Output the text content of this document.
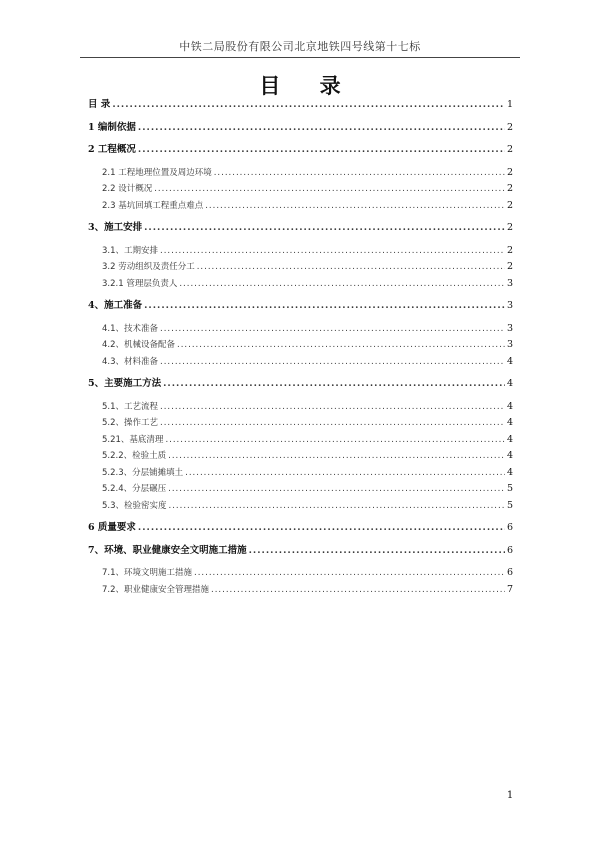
中铁二局股份有限公司北京地铁四号线第十七标
目 录
目 录 .....	1
1 编制依据 .....	2
2 工程概况 .....	2
2.1 工程地理位置及周边环境 .....	2
2.2 设计概况 .....	2
2.3 基坑回填工程重点难点 .....	2
3、施工安排 .....	2
3.1、工期安排 .....	2
3.2 劳动组织及责任分工 .....	2
3.2.1 管理层负责人 .....	3
4、施工准备 .....	3
4.1、技术准备 .....	3
4.2、机械设备配备 .....	3
4.3、材料准备 .....	4
5、主要施工方法 .....	4
5.1、工艺流程 .....	4
5.2、操作工艺 .....	4
5.21、基底清理 .....	4
5.2.2、检验土质 .....	4
5.2.3、分层铺摊填土 .....	4
5.2.4、分层碾压 .....	5
5.3、检验密实度 .....	5
6 质量要求 .....	6
7、环境、职业健康安全文明施工措施 .....	6
7.1、环境文明施工措施 .....	6
7.2、职业健康安全管理措施 .....	7
1
